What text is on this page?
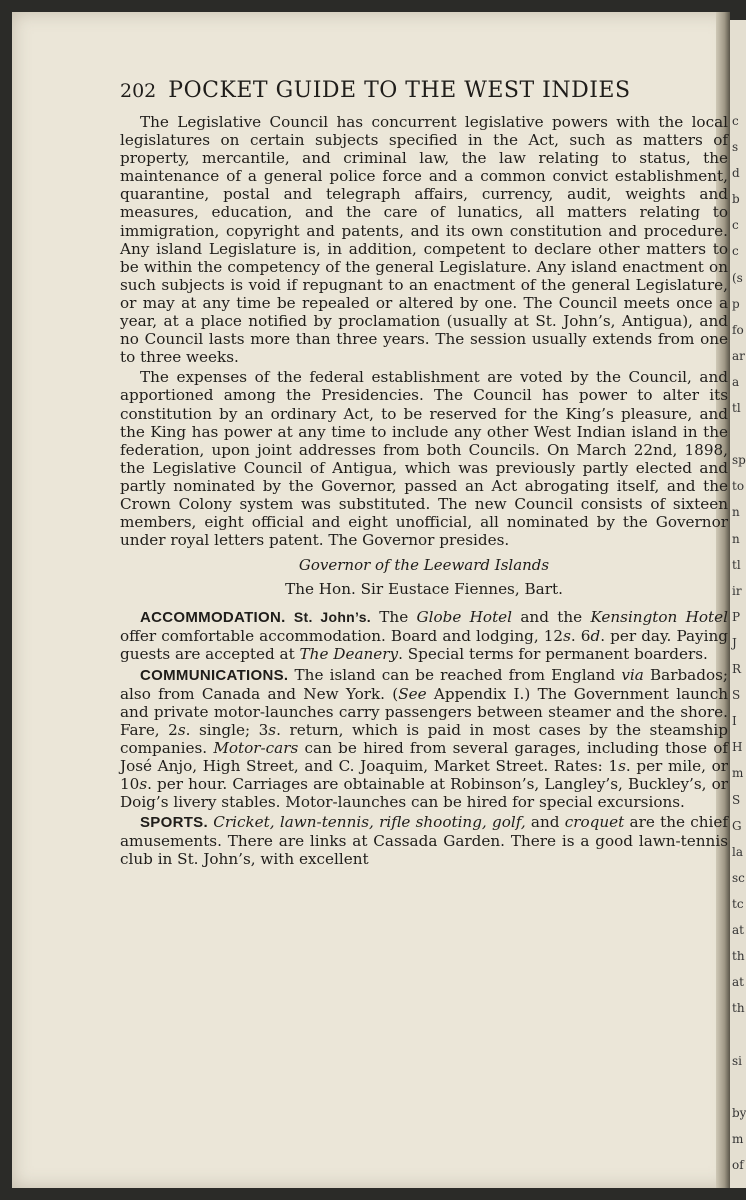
202 POCKET GUIDE TO THE WEST INDIES

The Legislative Council has concurrent legislative powers with the local legislatures on certain subjects specified in the Act, such as matters of property, mercantile, and criminal law, the law relating to status, the maintenance of a general police force and a common convict establishment, quarantine, postal and telegraph affairs, currency, audit, weights and measures, education, and the care of lunatics, all matters relating to immigration, copyright and patents, and its own constitution and procedure. Any island Legislature is, in addition, competent to declare other matters to be within the competency of the general Legislature. Any island enactment on such subjects is void if repugnant to an enactment of the general Legislature, or may at any time be repealed or altered by one. The Council meets once a year, at a place notified by proclamation (usually at St. John’s, Antigua), and no Council lasts more than three years. The session usually extends from one to three weeks.

The expenses of the federal establishment are voted by the Council, and apportioned among the Presidencies. The Council has power to alter its constitution by an ordinary Act, to be reserved for the King’s pleasure, and the King has power at any time to include any other West Indian island in the federation, upon joint addresses from both Councils. On March 22nd, 1898, the Legislative Council of Antigua, which was previously partly elected and partly nominated by the Governor, passed an Act abrogating itself, and the Crown Colony system was substituted. The new Council consists of sixteen members, eight official and eight unofficial, all nominated by the Governor under royal letters patent. The Governor presides.

Governor of the Leeward Islands
The Hon. Sir Eustace Fiennes, Bart.

ACCOMMODATION. St. John’s. The Globe Hotel and the Kensington Hotel offer comfortable accommodation. Board and lodging, 12s. 6d. per day. Paying guests are accepted at The Deanery. Special terms for permanent boarders.

COMMUNICATIONS. The island can be reached from England via Barbados; also from Canada and New York. (See Appendix I.) The Government launch and private motor-launches carry passengers between steamer and the shore. Fare, 2s. single; 3s. return, which is paid in most cases by the steamship companies. Motor-cars can be hired from several garages, including those of José Anjo, High Street, and C. Joaquim, Market Street. Rates: 1s. per mile, or 10s. per hour. Carriages are obtainable at Robinson’s, Langley’s, Buckley’s, or Doig’s livery stables. Motor-launches can be hired for special excursions.

SPORTS. Cricket, lawn-tennis, rifle shooting, golf, and croquet are the chief amusements. There are links at Cassada Garden. There is a good lawn-tennis club in St. John’s, with excellent

c
s
d
b
c
c
(s
p
fo
ar
a
tl
sp
to
n
n
tl
ir
P
J
R
S
I
H
m
S
G
la
sc
tc
at
th
at
th
si
by
m
of
